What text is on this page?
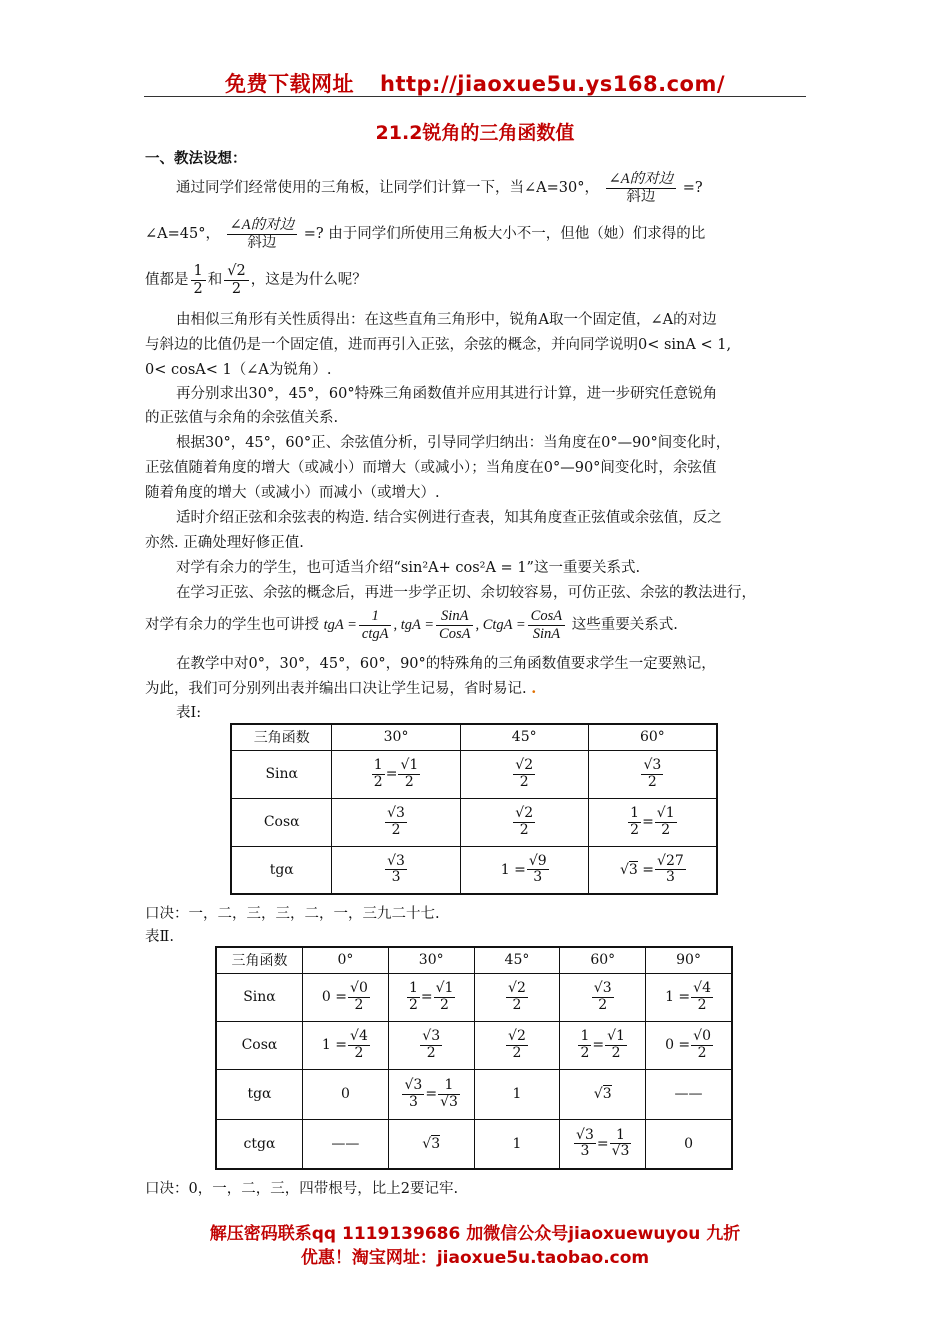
免费下载网址 http://jiaoxue5u.ys168.com/
21.2锐角的三角函数值
一、教法设想：
通过同学们经常使用的三角板，让同学们计算一下，当∠A=30°， $\frac{\text{∠A的对边}}{\text{斜边}}$ =?
∠A=45°， $\frac{\text{∠A的对边}}{\text{斜边}}$ =? 由于同学们所使用三角板大小不一，但他（她）们求得的比
值都是 $\frac{1}{2}$ 和 $\frac{√2}{2}$ ，这是为什么呢？
由相似三角形有关性质得出：在这些直角三角形中，锐角A取一个固定值，∠A的对边
与斜边的比值仍是一个固定值，进而再引入正弦，余弦的概念，并向同学说明0< sinA < 1,
0< cosA< 1（∠A为锐角）.
再分别求出30°，45°，60°特殊三角函数值并应用其进行计算，进一步研究任意锐角
的正弦值与余角的余弦值关系.
根据30°，45°，60°正、余弦值分析，引导同学归纳出：当角度在0°—90°间变化时，
正弦值随着角度的增大（或减小）而增大（或减小）；当角度在0°—90°间变化时，余弦值
随着角度的增大（或减小）而减小（或增大）.
适时介绍正弦和余弦表的构造. 结合实例进行查表，知其角度查正弦值或余弦值，反之
亦然. 正确处理好修正值.
对学有余力的学生，也可适当介绍“sin²A+ cos²A = 1”这一重要关系式.
在学习正弦、余弦的概念后，再进一步学正切、余切较容易，可仿正弦、余弦的教法进行，
对学有余力的学生也可讲授 tgA = $\frac{1}{\text{ctgA}}$ , tgA = $\frac{\text{SinA}}{\text{CosA}}$ , CtgA = $\frac{\text{CosA}}{\text{SinA}}$ 这些重要关系式.
在教学中对0°，30°，45°，60°，90°的特殊角的三角函数值要求学生一定要熟记，
为此，我们可分别列出表并编出口决让学生记易，省时易记. .
表Ⅰ:
三角函数	30°	45°	60°
Sinα	$\frac{1}{2} = \frac{√1}{2}$	$\frac{√2}{2}$	$\frac{√3}{2}$

Cosα	$\frac{√3}{2}$	$\frac{√2}{2}$	$\frac{1}{2} = \frac{√1}{2}$

tgα	$\frac{√3}{3}$	$1 = \frac{√9}{3}$	$√3 = \frac{√27}{3}$
口决：一，二，三，三，二，一，三九二十七.
表Ⅱ.
三角函数	0°	30°	45°	60°	90°
Sinα	$0 = \frac{√0}{2}$	$\frac{1}{2} = \frac{√1}{2}$	$\frac{√2}{2}$	$\frac{√3}{2}$	$1 = \frac{√4}{2}$

Cosα	$1 = \frac{√4}{2}$	$\frac{√3}{2}$	$\frac{√2}{2}$	$\frac{1}{2} = \frac{√1}{2}$	$0 = \frac{√0}{2}$

tgα	0	$\frac{√3}{3} = \frac{1}{√3}$	1	√3	——
ctgα	——	√3	1	$\frac{√3}{3} = \frac{1}{√3}$	0
口决：0，一，二，三，四带根号，比上2要记牢.
解压密码联系qq 1119139686 加微信公众号jiaoxuewuyou 九折
优惠！淘宝网址：jiaoxue5u.taobao.com
